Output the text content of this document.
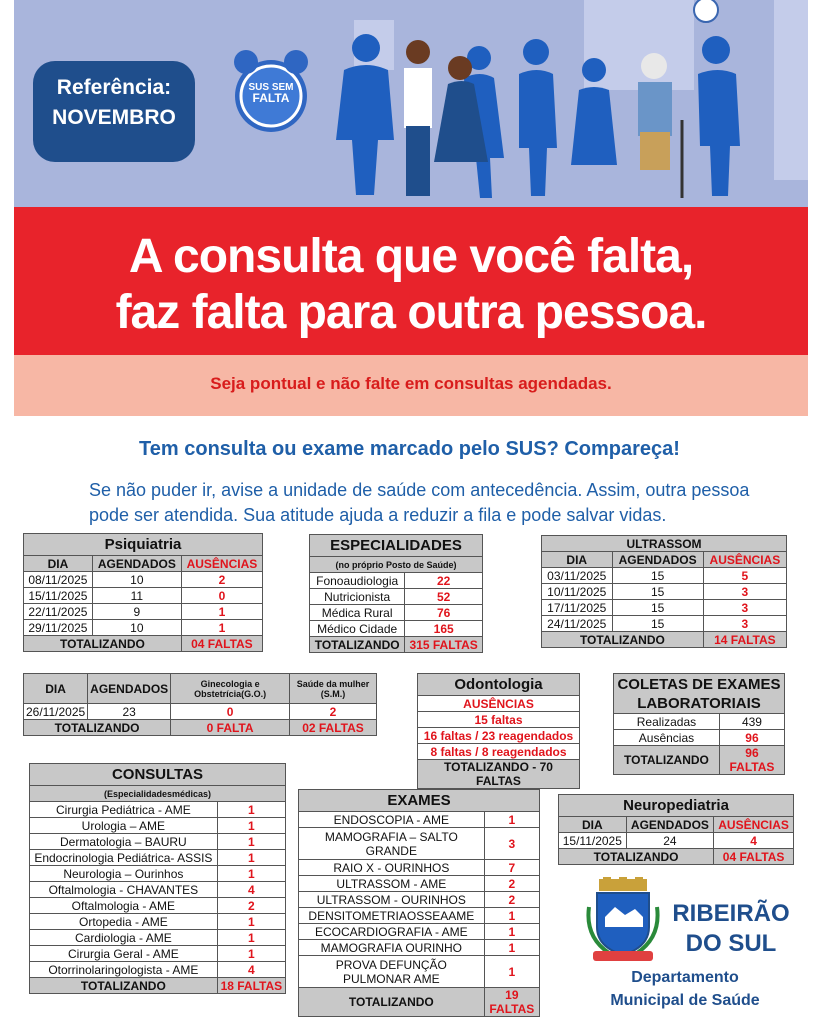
SUS SEM
FALTA
Referência:
NOVEMBRO
A consulta que você falta,
faz falta para outra pessoa.
Seja pontual e não falte em consultas agendadas.
Tem consulta ou exame marcado pelo SUS? Compareça!
Se não puder ir, avise a unidade de saúde com antecedência. Assim, outra pessoa pode ser atendida. Sua atitude ajuda a reduzir a fila e pode salvar vidas.
Psiquiatria		
DIA	AGENDADOS	AUSÊNCIAS
08/11/2025	10	2
15/11/2025	11	0
22/11/2025	9	1
29/11/2025	10	1
TOTALIZANDO		04 FALTAS
ESPECIALIDADES	
(no próprio Posto de Saúde)	
Fonoaudiologia	22
Nutricionista	52
Médica Rural	76
Médico Cidade	165
TOTALIZANDO	315 FALTAS
ULTRASSOM		
DIA	AGENDADOS	AUSÊNCIAS
03/11/2025	15	5
10/11/2025	15	3
17/11/2025	15	3
24/11/2025	15	3
TOTALIZANDO		14 FALTAS
DIA	AGENDADOS	Ginecologia e Obstetrícia(G.O.)	Saúde da mulher (S.M.)
26/11/2025	23	0	2
TOTALIZANDO		0 FALTA	02 FALTAS
Odontologia
AUSÊNCIAS
15 faltas
16 faltas / 23 reagendados
8 faltas / 8 reagendados
TOTALIZANDO - 70 FALTAS
COLETAS DE EXAMES LABORATORIAIS	
Realizadas	439
Ausências	96
TOTALIZANDO	96 FALTAS
CONSULTAS	
(Especialidadesmédicas)	
Cirurgia Pediátrica - AME	1
Urologia – AME	1
Dermatologia – BAURU	1
Endocrinologia Pediátrica- ASSIS	1
Neurologia – Ourinhos	1
Oftalmologia - CHAVANTES	4
Oftalmologia - AME	2
Ortopedia - AME	1
Cardiologia - AME	1
Cirurgia Geral - AME	1
Otorrinolaringologista - AME	4
TOTALIZANDO	18 FALTAS
EXAMES	
ENDOSCOPIA - AME	1
MAMOGRAFIA – SALTO GRANDE	3
RAIO X - OURINHOS	7
ULTRASSOM - AME	2
ULTRASSOM - OURINHOS	2
DENSITOMETRIAOSSEAAME	1
ECOCARDIOGRAFIA - AME	1
MAMOGRAFIA OURINHO	1
PROVA DEFUNÇÃO PULMONAR AME	1
TOTALIZANDO	19 FALTAS
Neuropediatria		
DIA	AGENDADOS	AUSÊNCIAS
15/11/2025	24	4
TOTALIZANDO		04 FALTAS
RIBEIRÃO DO SUL
Departamento Municipal de Saúde
